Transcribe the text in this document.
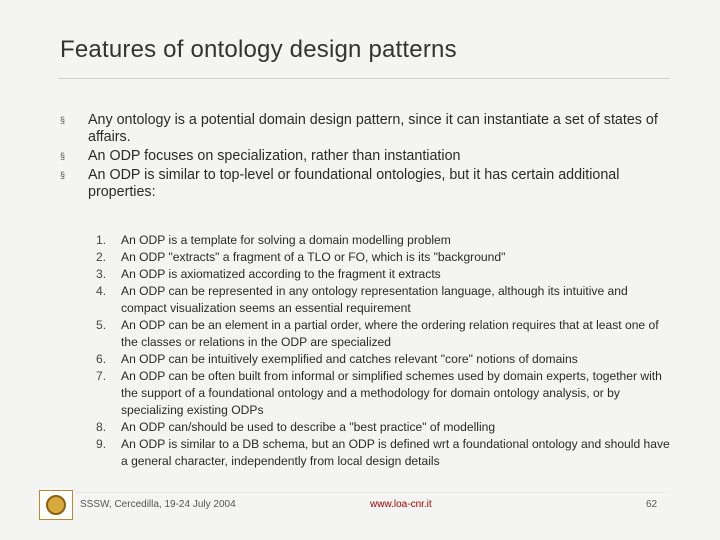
Features of ontology design patterns
§ Any ontology is a potential domain design pattern, since it can instantiate a set of states of affairs.
§ An ODP focuses on specialization, rather than instantiation
§ An ODP is similar to top-level or foundational ontologies, but it has certain additional properties:
1. An ODP is a template for solving a domain modelling problem
2. An ODP "extracts" a fragment of a TLO or FO, which is its "background"
3. An ODP is axiomatized according to the fragment it extracts
4. An ODP can be represented in any ontology representation language, although its intuitive and compact visualization seems an essential requirement
5. An ODP can be an element in a partial order, where the ordering relation requires that at least one of the classes or relations in the ODP are specialized
6. An ODP can be intuitively exemplified and catches relevant "core" notions of domains
7. An ODP can be often built from informal or simplified schemes used by domain experts, together with the support of a foundational ontology and a methodology for domain ontology analysis, or by specializing existing ODPs
8. An ODP can/should be used to describe a "best practice" of modelling
9. An ODP is similar to a DB schema, but an ODP is defined wrt a foundational ontology and should have a general character, independently from local design details
SSSW, Cercedilla, 19-24 July 2004	www.loa-cnr.it	62
